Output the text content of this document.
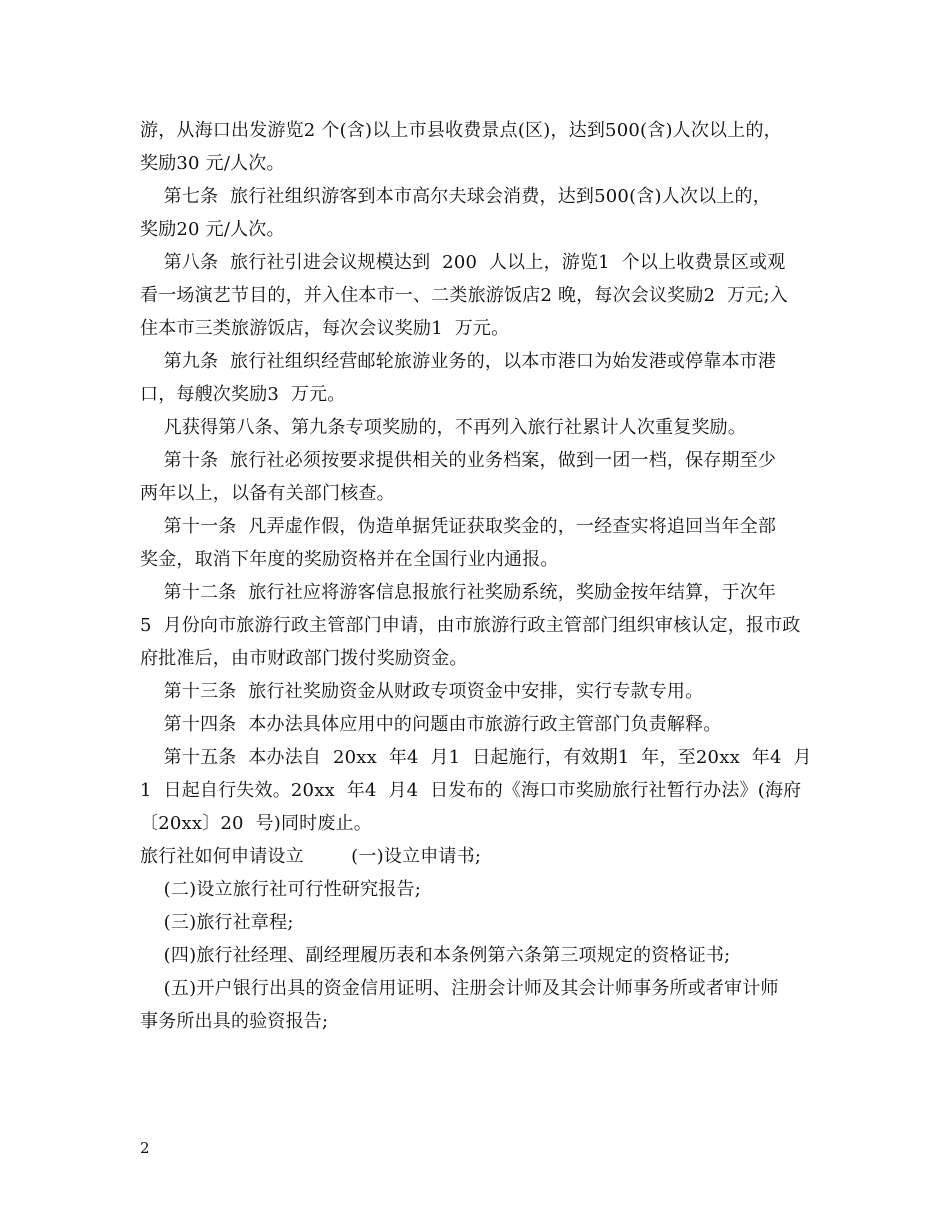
游，从海口出发游览2 个(含)以上市县收费景点(区)，达到500(含)人次以上的，
奖励30 元/人次。
第七条  旅行社组织游客到本市高尔夫球会消费，达到500(含)人次以上的，
奖励20 元/人次。
第八条  旅行社引进会议规模达到  200  人以上，游览1  个以上收费景区或观
看一场演艺节目的，并入住本市一、二类旅游饭店2 晚，每次会议奖励2  万元;入
住本市三类旅游饭店，每次会议奖励1  万元。
第九条  旅行社组织经营邮轮旅游业务的，以本市港口为始发港或停靠本市港
口，每艘次奖励3  万元。
凡获得第八条、第九条专项奖励的，不再列入旅行社累计人次重复奖励。
第十条  旅行社必须按要求提供相关的业务档案，做到一团一档，保存期至少
两年以上，以备有关部门核查。
第十一条  凡弄虚作假，伪造单据凭证获取奖金的，一经查实将追回当年全部
奖金，取消下年度的奖励资格并在全国行业内通报。
第十二条  旅行社应将游客信息报旅行社奖励系统，奖励金按年结算，于次年
5  月份向市旅游行政主管部门申请，由市旅游行政主管部门组织审核认定，报市政
府批准后，由市财政部门拨付奖励资金。
第十三条  旅行社奖励资金从财政专项资金中安排，实行专款专用。
第十四条  本办法具体应用中的问题由市旅游行政主管部门负责解释。
第十五条  本办法自  20xx  年4  月1  日起施行，有效期1  年，至20xx  年4  月
1  日起自行失效。20xx  年4  月4  日发布的《海口市奖励旅行社暂行办法》(海府
〔20xx〕20  号)同时废止。
旅行社如何申请设立        (一)设立申请书;
(二)设立旅行社可行性研究报告;
(三)旅行社章程;
(四)旅行社经理、副经理履历表和本条例第六条第三项规定的资格证书;
(五)开户银行出具的资金信用证明、注册会计师及其会计师事务所或者审计师
事务所出具的验资报告;
2
